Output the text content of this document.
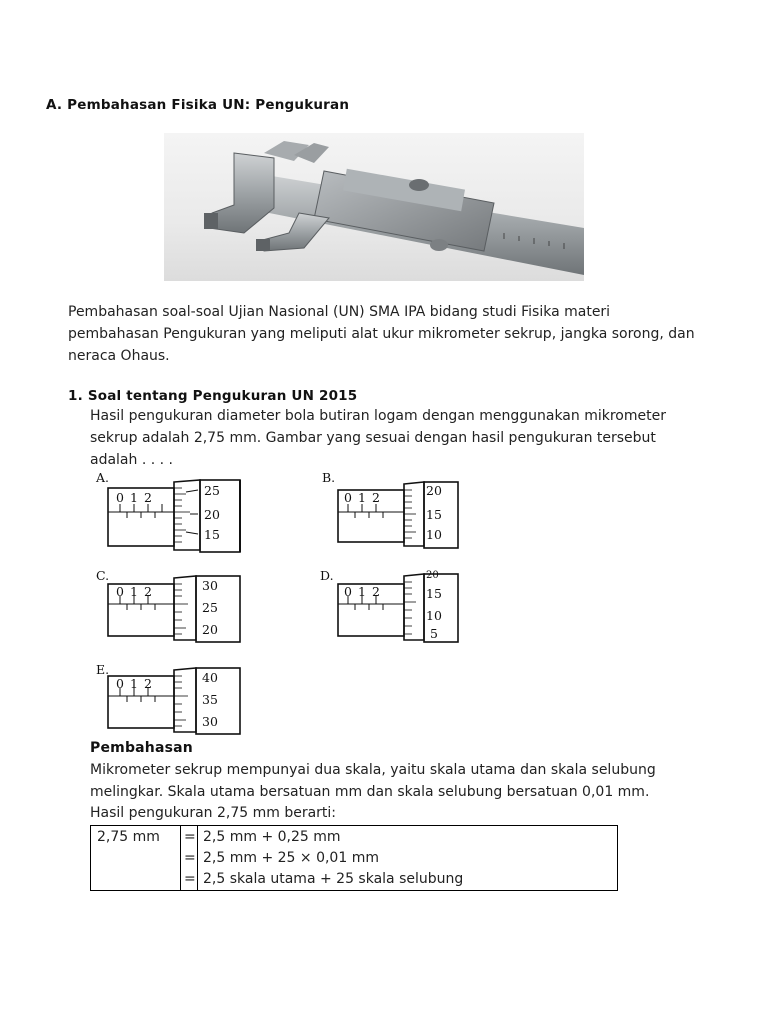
A. Pembahasan Fisika UN: Pengukuran
Pembahasan soal-soal Ujian Nasional (UN) SMA IPA bidang studi Fisika materi
pembahasan Pengukuran yang meliputi alat ukur mikrometer sekrup, jangka sorong, dan
neraca Ohaus.
1. Soal tentang Pengukuran UN 2015
Hasil pengukuran diameter bola butiran logam dengan menggunakan mikrometer
sekrup adalah 2,75 mm. Gambar yang sesuai dengan hasil pengukuran tersebut
adalah . . . .
A.
0 1 2	25
20
15
B.
0 1 2	20
15
10
C.
0 1 2	30
25
20
D.
0 1 2
20
15
10
5
E.
0 1 2	40
35
30
Pembahasan
Mikrometer sekrup mempunyai dua skala, yaitu skala utama dan skala selubung
melingkar. Skala utama bersatuan mm dan skala selubung bersatuan 0,01 mm.
Hasil pengukuran 2,75 mm berarti:
2,75 mm = 2,5 mm + 0,25 mm
= 2,5 mm + 25 × 0,01 mm
= 2,5 skala utama + 25 skala selubung
